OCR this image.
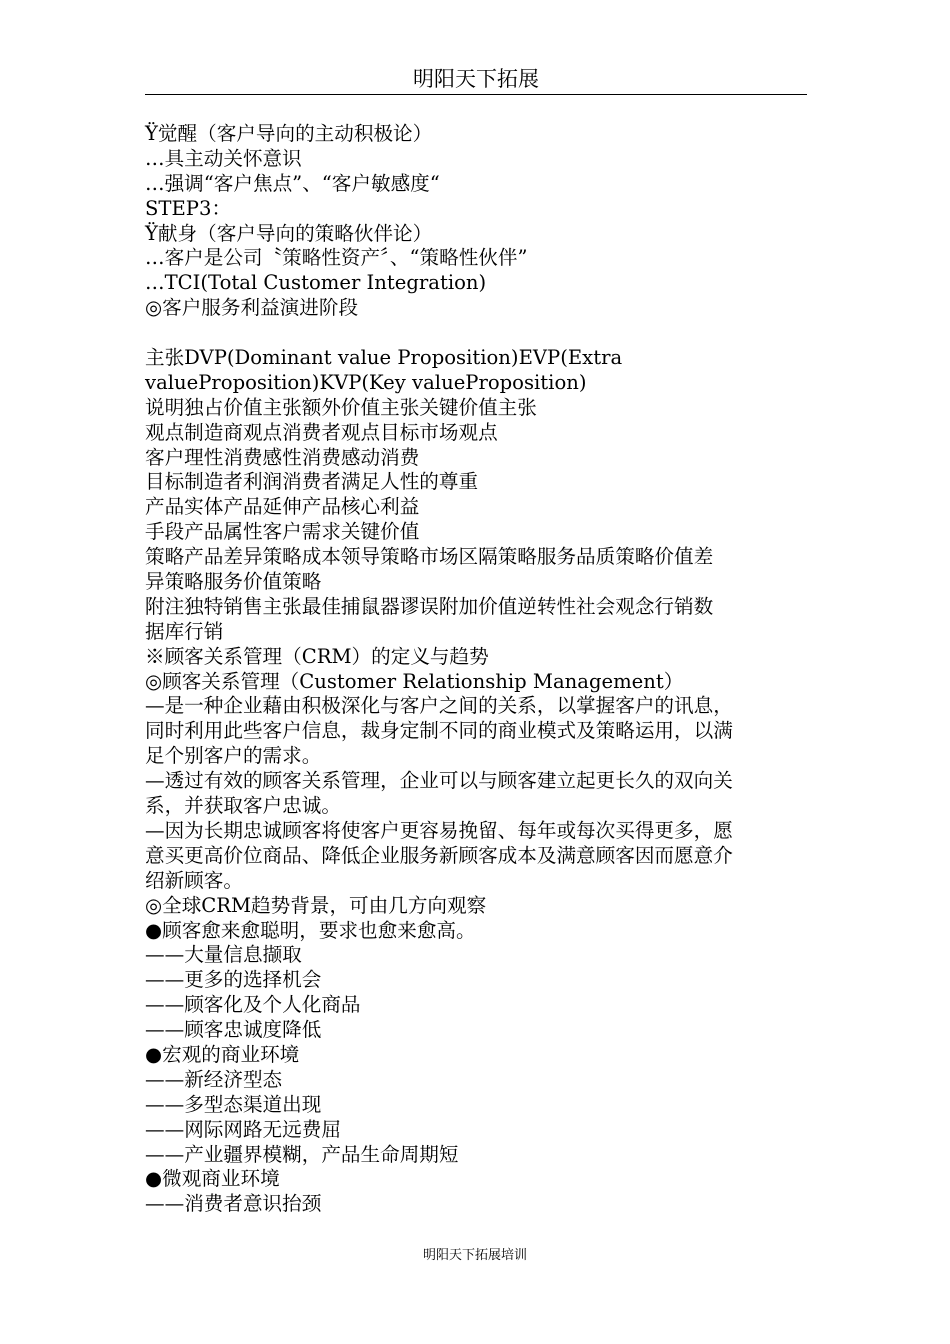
明阳天下拓展
Ÿ觉醒（客户导向的主动积极论）
…具主动关怀意识
…强调“客户焦点”、“客户敏感度“
STEP3：
Ÿ献身（客户导向的策略伙伴论）
…客户是公司〝策略性资产〞、“策略性伙伴”
…TCI(Total Customer Integration)
◎客户服务利益演进阶段
主张DVP(Dominant value Proposition)EVP(Extra
valueProposition)KVP(Key valueProposition)
说明独占价值主张额外价值主张关键价值主张
观点制造商观点消费者观点目标市场观点
客户理性消费感性消费感动消费
目标制造者利润消费者满足人性的尊重
产品实体产品延伸产品核心利益
手段产品属性客户需求关键价值
策略产品差异策略成本领导策略市场区隔策略服务品质策略价值差
异策略服务价值策略
附注独特销售主张最佳捕鼠器谬误附加价值逆转性社会观念行销数
据库行销
※顾客关系管理（CRM）的定义与趋势
◎顾客关系管理（Customer Relationship Management）
—是一种企业藉由积极深化与客户之间的关系，以掌握客户的讯息，
同时利用此些客户信息，裁身定制不同的商业模式及策略运用，以满
足个别客户的需求。
—透过有效的顾客关系管理，企业可以与顾客建立起更长久的双向关
系，并获取客户忠诚。
—因为长期忠诚顾客将使客户更容易挽留、每年或每次买得更多，愿
意买更高价位商品、降低企业服务新顾客成本及满意顾客因而愿意介
绍新顾客。
◎全球CRM趋势背景，可由几方向观察
●顾客愈来愈聪明，要求也愈来愈高。
——大量信息撷取
——更多的选择机会
——顾客化及个人化商品
——顾客忠诚度降低
●宏观的商业环境
——新经济型态
——多型态渠道出现
——网际网路无远费屈
——产业疆界模糊，产品生命周期短
●微观商业环境
——消费者意识抬颈
明阳天下拓展培训
